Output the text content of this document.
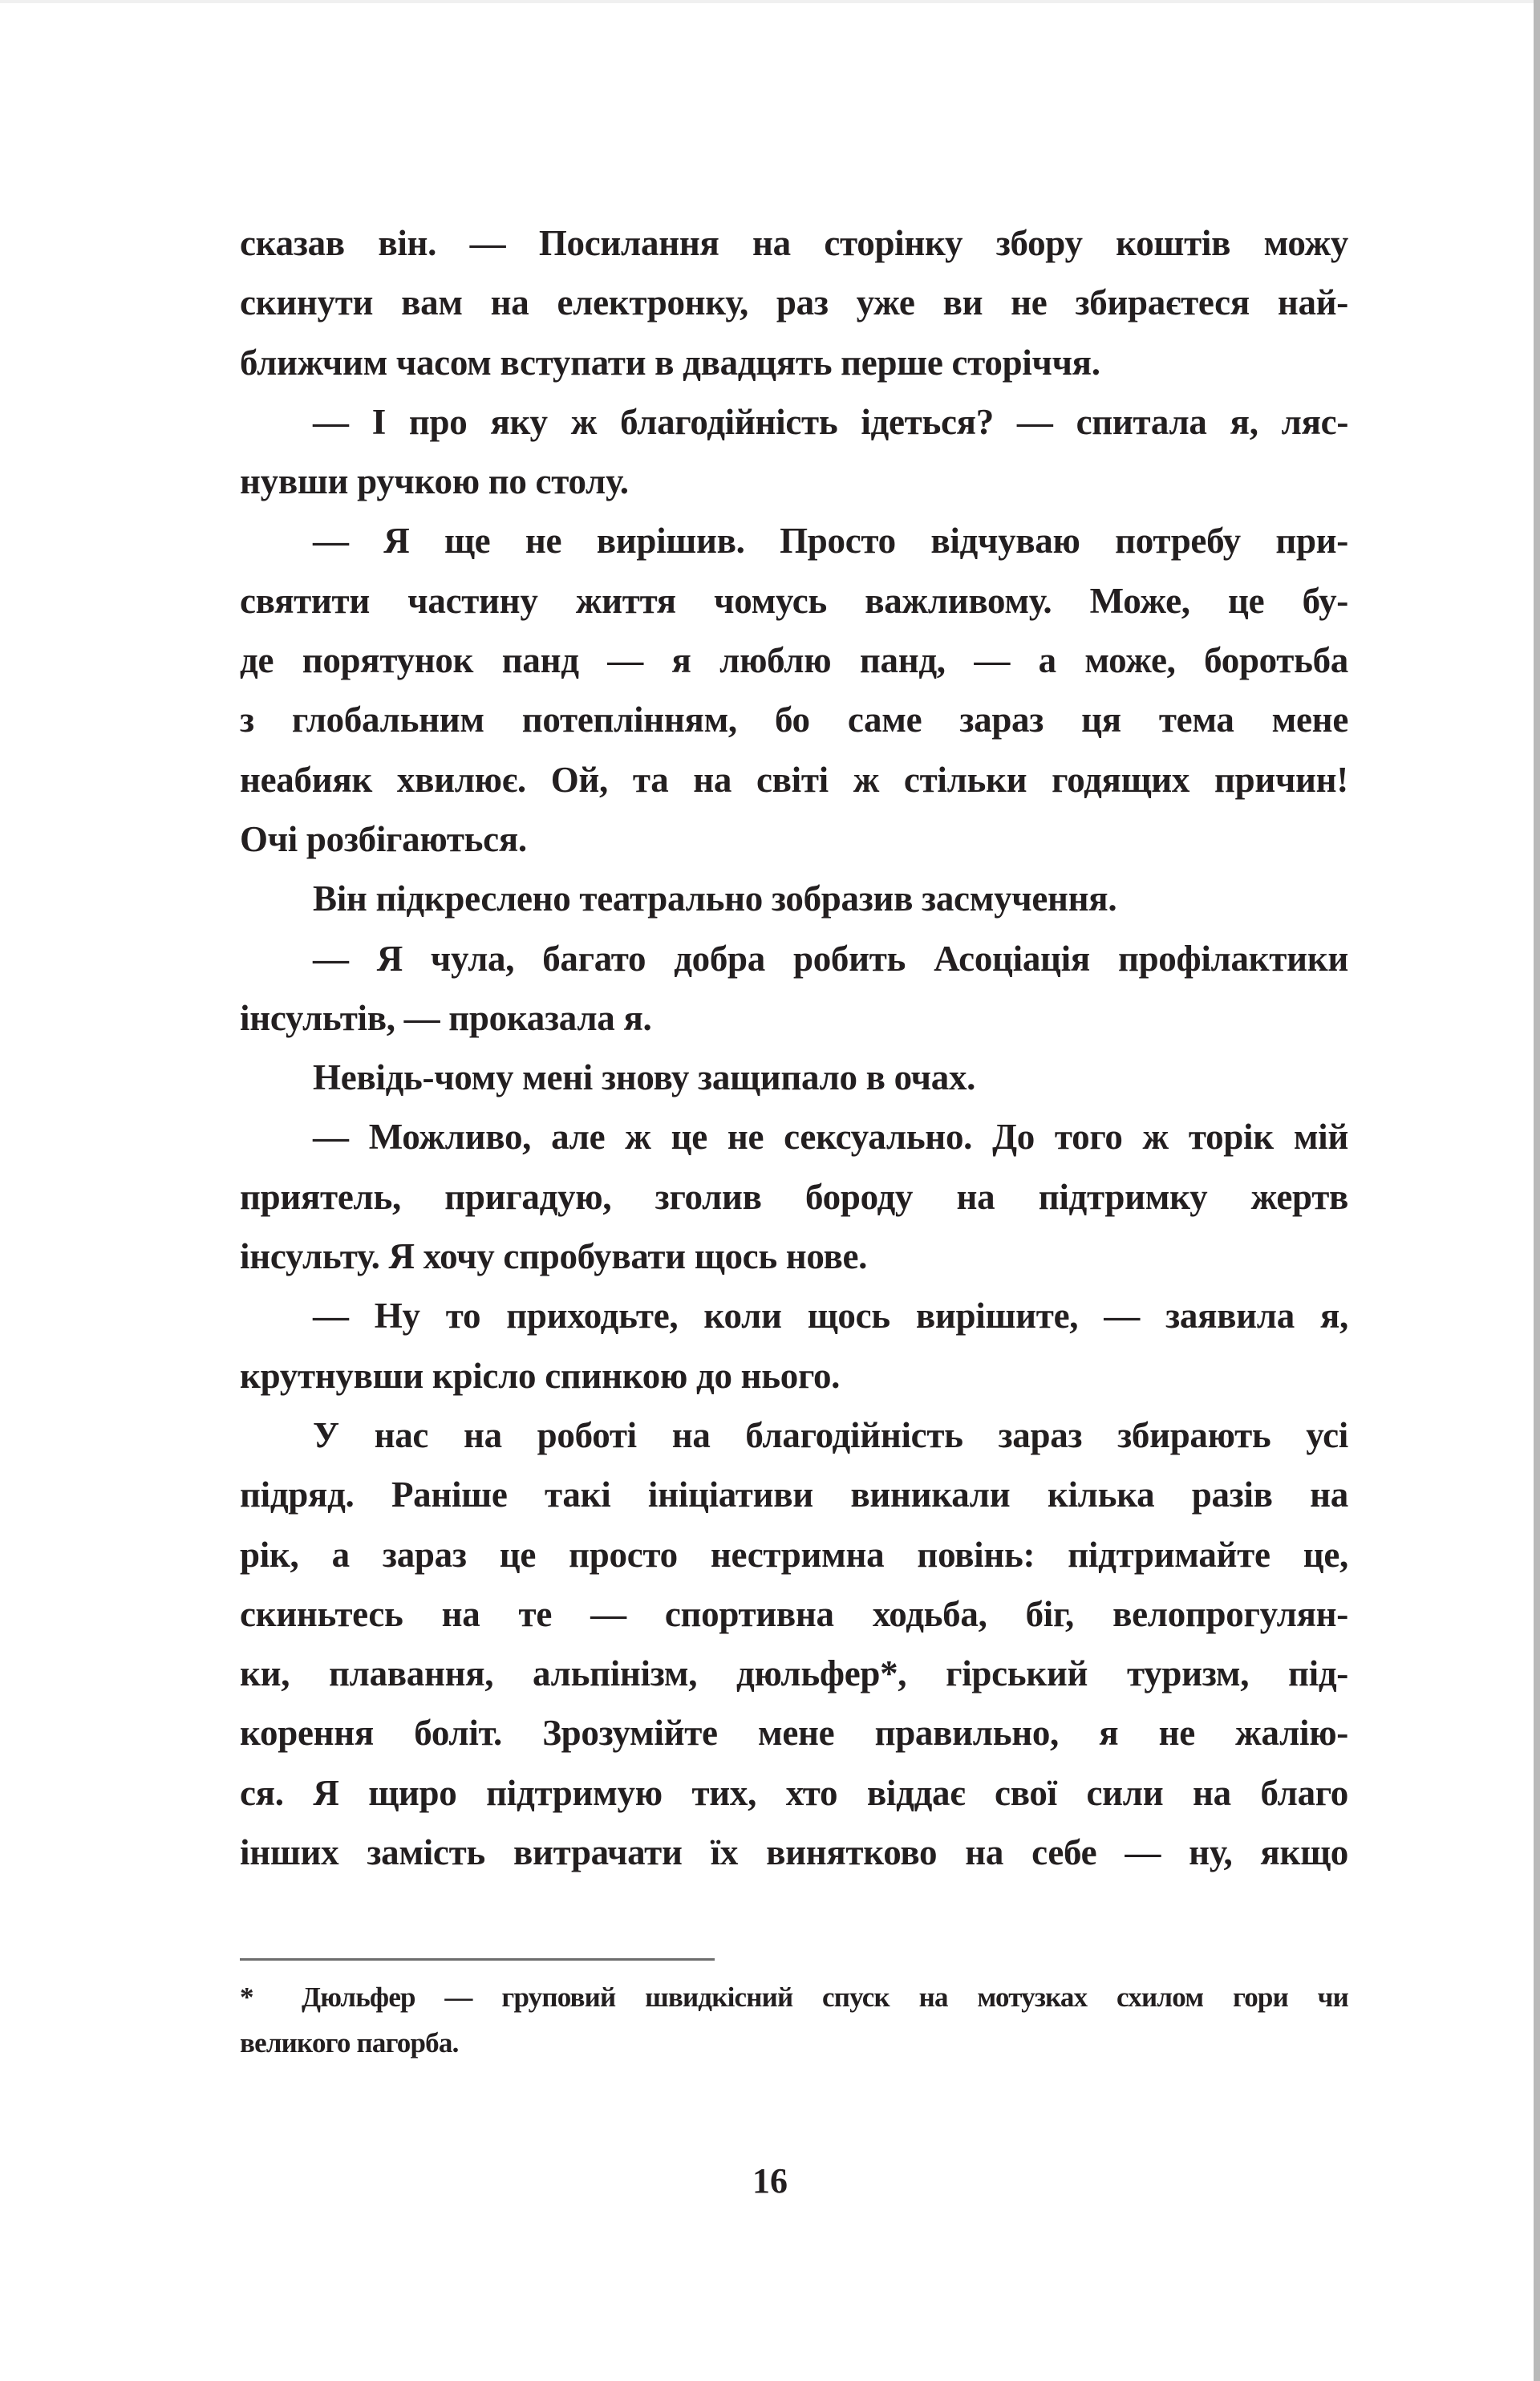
сказав він. — Посилання на сторінку збору коштів можу
скинути вам на електронку, раз уже ви не збираєтеся най-
ближчим часом вступати в двадцять перше сторіччя.
— І про яку ж благодійність ідеться? — спитала я, ляс-
нувши ручкою по столу.
— Я ще не вирішив. Просто відчуваю потребу при-
святити частину життя чомусь важливому. Може, це бу-
де порятунок панд — я люблю панд, — а може, боротьба
з глобальним потеплінням, бо саме зараз ця тема мене
неабияк хвилює. Ой, та на світі ж стільки годящих причин!
Очі розбігаються.
Він підкреслено театрально зобразив засмучення.
— Я чула, багато добра робить Асоціація профілактики
інсультів, — проказала я.
Невідь-чому мені знову защипало в очах.
— Можливо, але ж це не сексуально. До того ж торік мій
приятель, пригадую, зголив бороду на підтримку жертв
інсульту. Я хочу спробувати щось нове.
— Ну то приходьте, коли щось вирішите, — заявила я,
крутнувши крісло спинкою до нього.
У нас на роботі на благодійність зараз збирають усі
підряд. Раніше такі ініціативи виникали кілька разів на
рік, а зараз це просто нестримна повінь: підтримайте це,
скиньтесь на те — спортивна ходьба, біг, велопрогулян-
ки, плавання, альпінізм, дюльфер*, гірський туризм, під-
корення боліт. Зрозумійте мене правильно, я не жалію-
ся. Я щиро підтримую тих, хто віддає свої сили на благо
інших замість витрачати їх винятково на себе — ну, якщо
*	Дюльфер — груповий швидкісний спуск на мотузках схилом гори чи
великого пагорба.
16
